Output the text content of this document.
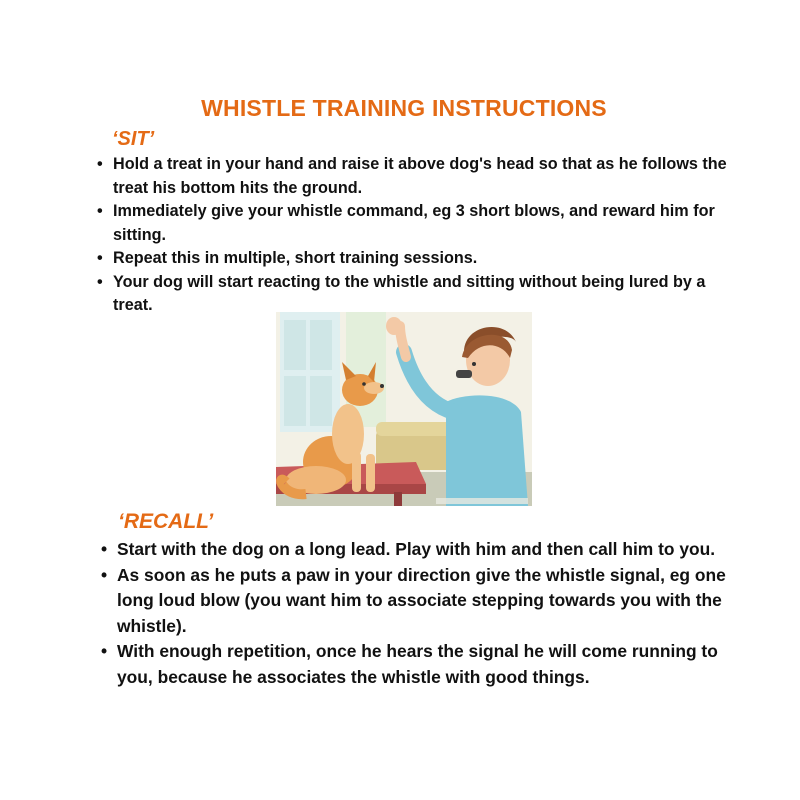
WHISTLE TRAINING INSTRUCTIONS
‘SIT’
• Hold a treat in your hand and raise it above dog's head so that as he follows the treat his bottom hits the ground.
• Immediately give your whistle command, eg 3 short blows, and reward him for sitting.
• Repeat this in multiple, short training sessions.
• Your dog will start reacting to the whistle and sitting without being lured by a treat.
‘RECALL’
• Start with the dog on a long lead. Play with him and then call him to you.
• As soon as he puts a paw in your direction give the whistle signal, eg one long loud blow (you want him to associate stepping towards you with the whistle).
• With enough repetition, once he hears the signal he will come running to you, because he associates the whistle with good things.
